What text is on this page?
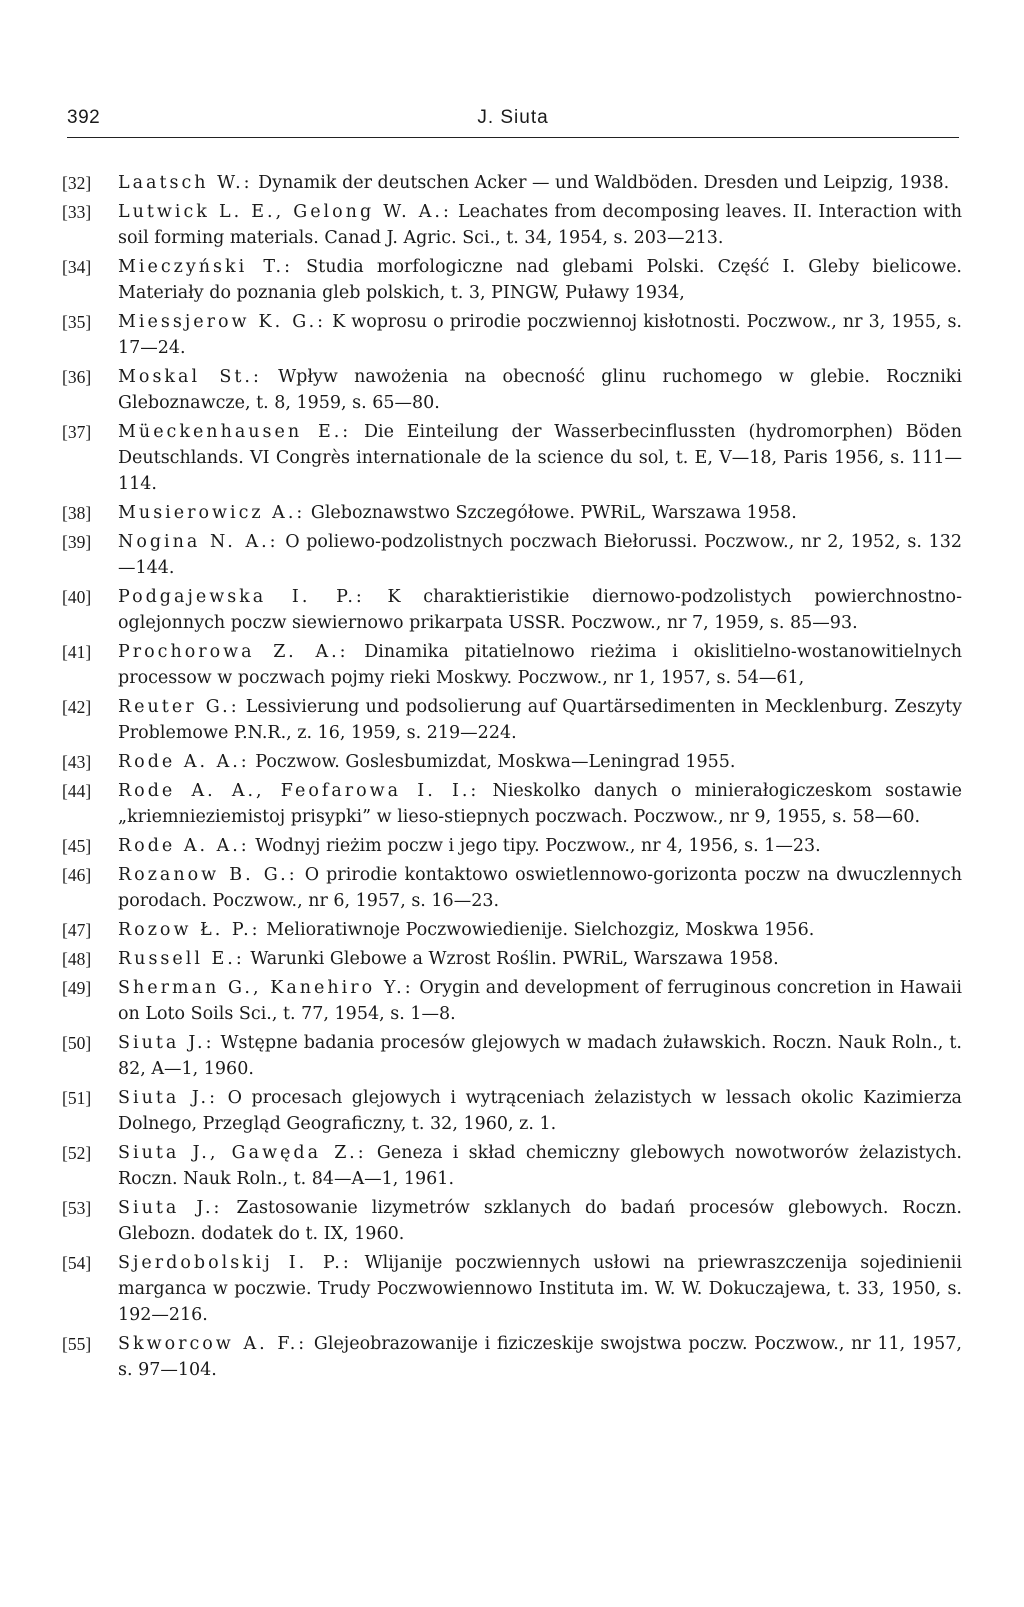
392	J. Siuta
[32] Laatsch W.: Dynamik der deutschen Acker — und Waldböden. Dresden und Leipzig, 1938.
[33] Lutwick L. E., Gelong W. A.: Leachates from decomposing leaves. II. Interaction with soil forming materials. Canad J. Agric. Sci., t. 34, 1954, s. 203—213.
[34] Mieczyński T.: Studia morfologiczne nad glebami Polski. Część I. Gleby bielicowe. Materiały do poznania gleb polskich, t. 3, PINGW, Puławy 1934,
[35] Miessjerow K. G.: K woprosu o prirodie poczwiennoj kisłotnosti. Poczwow., nr 3, 1955, s. 17—24.
[36] Moskal St.: Wpływ nawożenia na obecność glinu ruchomego w glebie. Roczniki Gleboznawcze, t. 8, 1959, s. 65—80.
[37] Müeckenhausen E.: Die Einteilung der Wasserbecinflussten (hydromorphen) Böden Deutschlands. VI Congrès internationale de la science du sol, t. E, V—18, Paris 1956, s. 111—114.
[38] Musierowicz A.: Gleboznawstwo Szczegółowe. PWRiL, Warszawa 1958.
[39] Nogina N. A.: O poliewo-podzolistnych poczwach Biełorussi. Poczwow., nr 2, 1952, s. 132—144.
[40] Podgajewska I. P.: K charaktieristikie diernowo-podzolistych powierchnostno-oglejonnych poczw siewiernowo prikarpata USSR. Poczwow., nr 7, 1959, s. 85—93.
[41] Prochorowa Z. A.: Dinamika pitatielnowo rieżima i okislitielno-wostanowitielnych processow w poczwach pojmy rieki Moskwy. Poczwow., nr 1, 1957, s. 54—61,
[42] Reuter G.: Lessivierung und podsolierung auf Quartärsedimenten in Mecklenburg. Zeszyty Problemowe P.N.R., z. 16, 1959, s. 219—224.
[43] Rode A. A.: Poczwow. Goslesbumizdat, Moskwa—Leningrad 1955.
[44] Rode A. A., Feofarowa I. I.: Nieskolko danych o minierałogiczeskom sostawie „kriemnieziemistoj prisypki” w lieso-stiepnych poczwach. Poczwow., nr 9, 1955, s. 58—60.
[45] Rode A. A.: Wodnyj rieżim poczw i jego tipy. Poczwow., nr 4, 1956, s. 1—23.
[46] Rozanow B. G.: O prirodie kontaktowo oswietlennowo-gorizonta poczw na dwuczlennych porodach. Poczwow., nr 6, 1957, s. 16—23.
[47] Rozow Ł. P.: Melioratiwnoje Poczwowiedienije. Sielchozgiz, Moskwa 1956.
[48] Russell E.: Warunki Glebowe a Wzrost Roślin. PWRiL, Warszawa 1958.
[49] Sherman G., Kanehiro Y.: Orygin and development of ferruginous concretion in Hawaii on Loto Soils Sci., t. 77, 1954, s. 1—8.
[50] Siuta J.: Wstępne badania procesów glejowych w madach żuławskich. Roczn. Nauk Roln., t. 82, A—1, 1960.
[51] Siuta J.: O procesach glejowych i wytrąceniach żelazistych w lessach okolic Kazimierza Dolnego, Przegląd Geograficzny, t. 32, 1960, z. 1.
[52] Siuta J., Gawęda Z.: Geneza i skład chemiczny glebowych nowotworów żelazistych. Roczn. Nauk Roln., t. 84—A—1, 1961.
[53] Siuta J.: Zastosowanie lizymetrów szklanych do badań procesów glebowych. Roczn. Glebozn. dodatek do t. IX, 1960.
[54] Sjerdobolskij I. P.: Wlijanije poczwiennych usłowi na priewraszczenija sojedinienii marganca w poczwie. Trudy Poczwowiennowo Instituta im. W. W. Dokuczajewa, t. 33, 1950, s. 192—216.
[55] Skworcow A. F.: Glejeobrazowanije i fiziczeskije swojstwa poczw. Poczwow., nr 11, 1957, s. 97—104.
